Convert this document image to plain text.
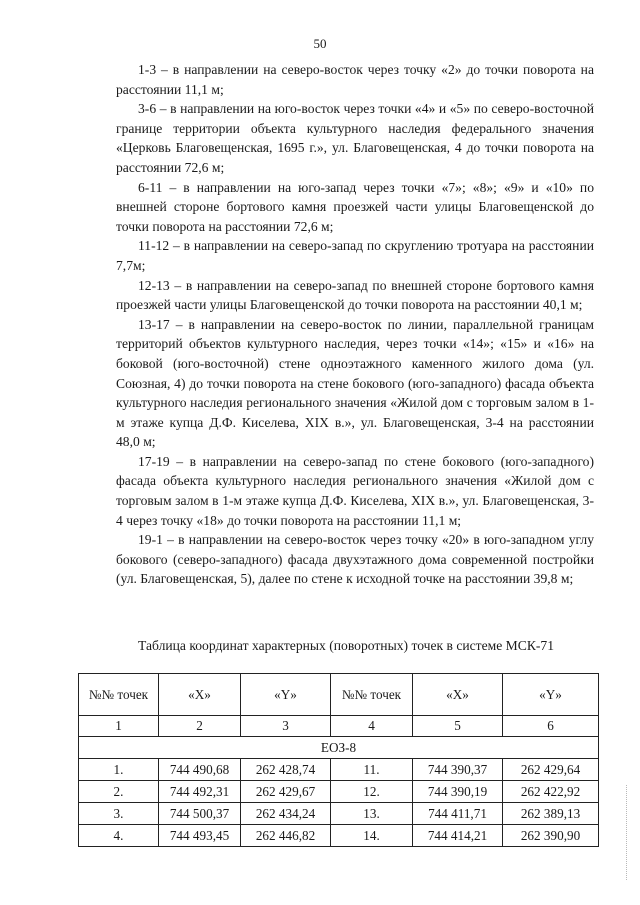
50

1-3 – в направлении на северо-восток через точку «2» до точки поворота на расстоянии 11,1 м;

3-6 – в направлении на юго-восток через точки «4» и «5» по северо-восточной границе территории объекта культурного наследия федерального значения «Церковь Благовещенская, 1695 г.», ул. Благовещенская, 4 до точки поворота на расстоянии 72,6 м;

6-11 – в направлении на юго-запад через точки «7»; «8»; «9» и «10» по внешней стороне бортового камня проезжей части улицы Благовещенской до точки поворота на расстоянии 72,6 м;

11-12 – в направлении на северо-запад по скруглению тротуара на расстоянии 7,7м;

12-13 – в направлении на северо-запад по внешней стороне бортового камня проезжей части улицы Благовещенской до точки поворота на расстоянии 40,1 м;

13-17 – в направлении на северо-восток по линии, параллельной границам территорий объектов культурного наследия, через точки «14»; «15» и «16» на боковой (юго-восточной) стене одноэтажного каменного жилого дома (ул. Союзная, 4) до точки поворота на стене бокового (юго-западного) фасада объекта культурного наследия регионального значения «Жилой дом с торговым залом в 1-м этаже купца Д.Ф. Киселева, XIX в.», ул. Благовещенская, 3-4 на расстоянии 48,0 м;

17-19 – в направлении на северо-запад по стене бокового (юго-западного) фасада объекта культурного наследия регионального значения «Жилой дом с торговым залом в 1-м этаже купца Д.Ф. Киселева, XIX в.», ул. Благовещенская, 3-4 через точку «18» до точки поворота на расстоянии 11,1 м;

19-1 – в направлении на северо-восток через точку «20» в юго-западном углу бокового (северо-западного) фасада двухэтажного дома современной постройки (ул. Благовещенская, 5), далее по стене к исходной точке на расстоянии 39,8 м;

Таблица координат характерных (поворотных) точек в системе МСК-71
№№ точек	«X»	«Y»	№№ точек	«X»	«Y»
1	2	3	4	5	6
ЕОЗ-8					
1.	744 490,68	262 428,74	11.	744 390,37	262 429,64
2.	744 492,31	262 429,67	12.	744 390,19	262 422,92
3.	744 500,37	262 434,24	13.	744 411,71	262 389,13
4.	744 493,45	262 446,82	14.	744 414,21	262 390,90
